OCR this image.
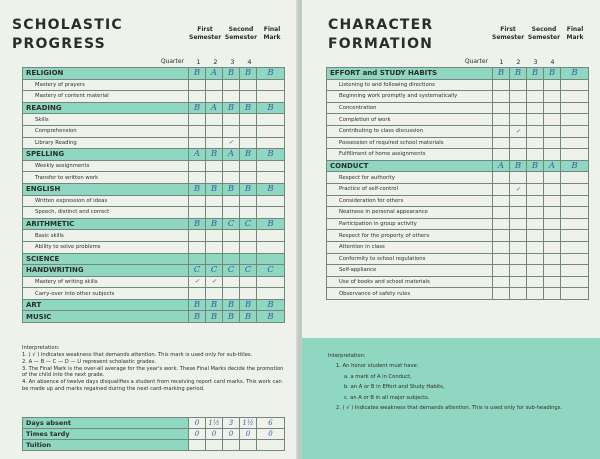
SCHOLASTIC
PROGRESS
First
Semester
Second
Semester
Final
Mark
Quarter	1	2	3	4
RELIGION	B	A	B	B	B
Mastery of prayers					
Mastery of content material					
READING	B	A	B	B	B
Skills					
Comprehension					
Library Reading			✓		
SPELLING	A	B	A	B	B
Weekly assignments					
Transfer to written work					
ENGLISH	B	B	B	B	B
Written expression of ideas					
Speech, distinct and correct					
ARITHMETIC	B	B	C	C	B
Basic skills					
Ability to solve problems					
SCIENCE					
HANDWRITING	C	C	C	C	C
Mastery of writing skills	✓	✓			
Carry-over into other subjects					
ART	B	B	B	B	B
MUSIC	B	B	B	B	B
Interpretation:
1. ( √ ) Indicates weakness that demands attention. This mark is used only for sub-titles.
2. A — B — C — D — U represent scholastic grades.
3. The Final Mark is the over-all average for the year's work. These Final Marks decide the promotion of the child into the next grade.
4. An absence of twelve days disqualifies a student from receiving report card marks. This work can be made up and marks regained during the next card-marking period.
Days absent	0	1½	3	1½	6
Times tardy	0	0	0	0	0
Tuition					
CHARACTER
FORMATION
First
Semester
Second
Semester
Final
Mark
Quarter	1	2	3	4
EFFORT and STUDY HABITS	B	B	B	B	B
Listening to and following directions					
Beginning work promptly and systematically					
Concentration					
Completion of work					
Contributing to class discussion		✓			
Possession of required school materials					
Fulfillment of home assignments					
CONDUCT	A	B	B	A	B
Respect for authority					
Practice of self-control		✓			
Consideration for others					
Neatness in personal appearance					
Participation in group activity					
Respect for the property of others					
Attention in class					
Conformity to school regulations					
Self-appliance					
Use of books and school materials					
Observance of safety rules					
Interpretation:
1. An honor student must have:
a. a mark of A in Conduct,
b. an A or B in Effort and Study Habits,
c. an A or B in all major subjects.
2. ( √ ) Indicates weakness that demands attention. This is used only for sub-headings.
